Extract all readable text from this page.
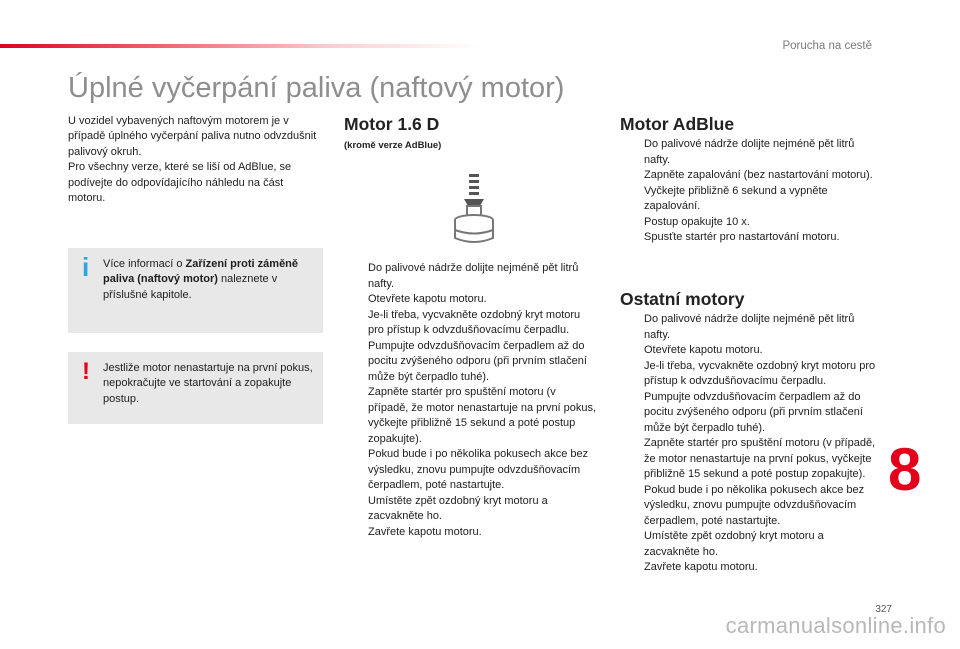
Porucha na cestě
Úplné vyčerpání paliva (naftový motor)

U vozidel vybavených naftovým motorem je v případě úplného vyčerpání paliva nutno odvzdušnit palivový okruh.

Pro všechny verze, které se liší od AdBlue, se podívejte do odpovídajícího náhledu na část motoru.

i Více informací o Zařízení proti záměně paliva (naftový motor) naleznete v příslušné kapitole.
! Jestliže motor nenastartuje na první pokus, nepokračujte ve startování a zopakujte postup.
Motor 1.6 D
(kromě verze AdBlue)
Do palivové nádrže dolijte nejméně pět litrů nafty.
Otevřete kapotu motoru.
Je-li třeba, vycvakněte ozdobný kryt motoru pro přístup k odvzdušňovacímu čerpadlu.
Pumpujte odvzdušňovacím čerpadlem až do pocitu zvýšeného odporu (při prvním stlačení může být čerpadlo tuhé).
Zapněte startér pro spuštění motoru (v případě, že motor nenastartuje na první pokus, vyčkejte přibližně 15 sekund a poté postup zopakujte).
Pokud bude i po několika pokusech akce bez výsledku, znovu pumpujte odvzdušňovacím čerpadlem, poté nastartujte.
Umístěte zpět ozdobný kryt motoru a zacvakněte ho.
Zavřete kapotu motoru.
Motor AdBlue
Do palivové nádrže dolijte nejméně pět litrů nafty.
Zapněte zapalování (bez nastartování motoru).
Vyčkejte přibližně 6 sekund a vypněte zapalování.
Postup opakujte 10 x.
Spusťte startér pro nastartování motoru.
Ostatní motory
Do palivové nádrže dolijte nejméně pět litrů nafty.
Otevřete kapotu motoru.
Je-li třeba, vycvakněte ozdobný kryt motoru pro přístup k odvzdušňovacímu čerpadlu.
Pumpujte odvzdušňovacím čerpadlem až do pocitu zvýšeného odporu (při prvním stlačení může být čerpadlo tuhé).
Zapněte startér pro spuštění motoru (v případě, že motor nenastartuje na první pokus, vyčkejte přibližně 15 sekund a poté postup zopakujte).
Pokud bude i po několika pokusech akce bez výsledku, znovu pumpujte odvzdušňovacím čerpadlem, poté nastartujte.
Umístěte zpět ozdobný kryt motoru a zacvakněte ho.
Zavřete kapotu motoru.
8
327
carmanualsonline.info
